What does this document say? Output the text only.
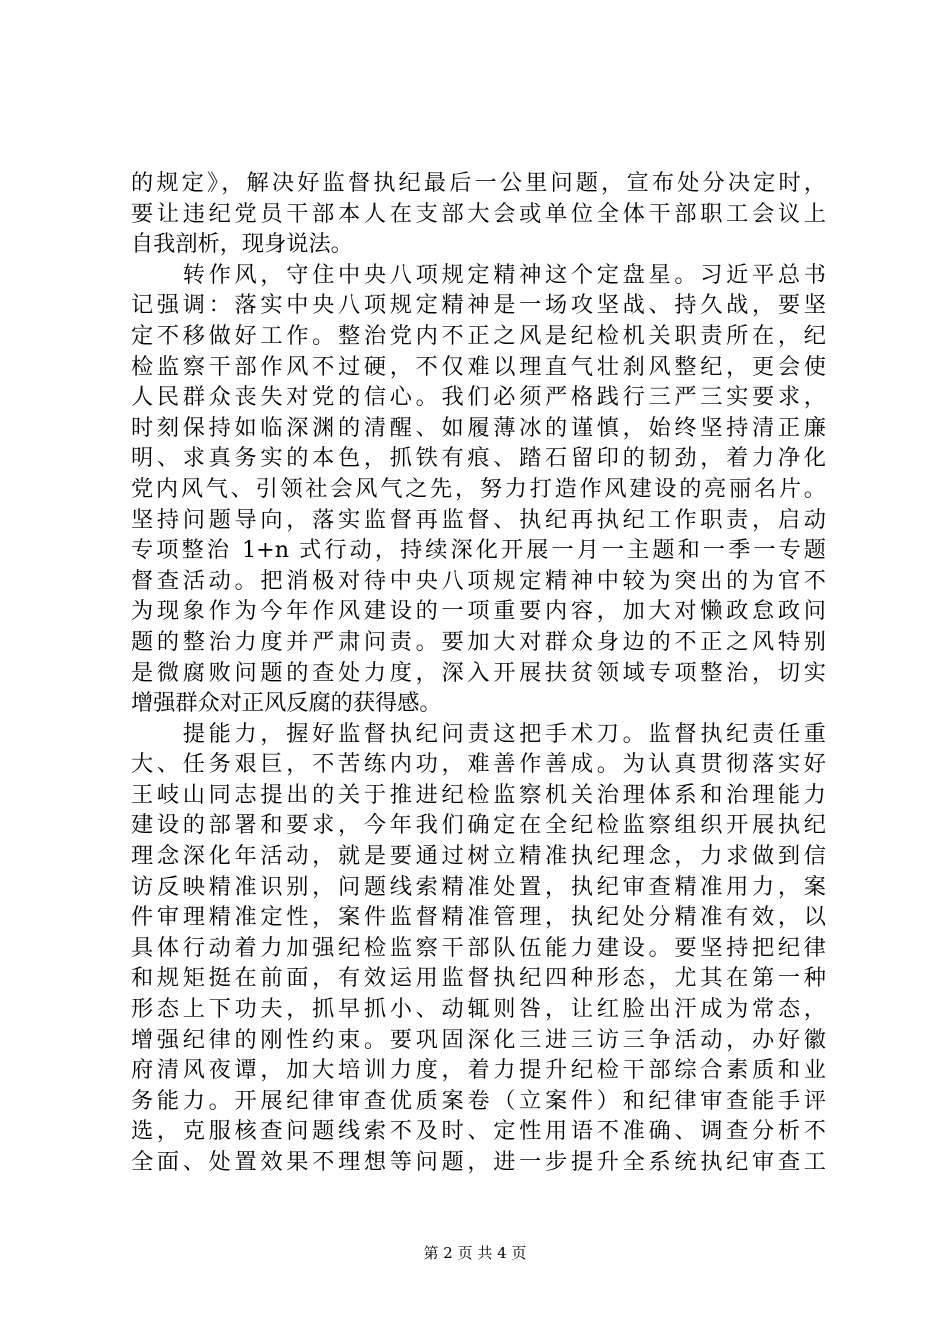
的规定》，解决好监督执纪最后一公里问题，宣布处分决定时，
要让违纪党员干部本人在支部大会或单位全体干部职工会议上
自我剖析，现身说法。
　　转作风，守住中央八项规定精神这个定盘星。习近平总书
记强调：落实中央八项规定精神是一场攻坚战、持久战，要坚
定不移做好工作。整治党内不正之风是纪检机关职责所在，纪
检监察干部作风不过硬，不仅难以理直气壮刹风整纪，更会使
人民群众丧失对党的信心。我们必须严格践行三严三实要求，
时刻保持如临深渊的清醒、如履薄冰的谨慎，始终坚持清正廉
明、求真务实的本色，抓铁有痕、踏石留印的韧劲，着力净化
党内风气、引领社会风气之先，努力打造作风建设的亮丽名片。
坚持问题导向，落实监督再监督、执纪再执纪工作职责，启动
专项整治 1+n 式行动，持续深化开展一月一主题和一季一专题
督查活动。把消极对待中央八项规定精神中较为突出的为官不
为现象作为今年作风建设的一项重要内容，加大对懒政怠政问
题的整治力度并严肃问责。要加大对群众身边的不正之风特别
是微腐败问题的查处力度，深入开展扶贫领域专项整治，切实
增强群众对正风反腐的获得感。
　　提能力，握好监督执纪问责这把手术刀。监督执纪责任重
大、任务艰巨，不苦练内功，难善作善成。为认真贯彻落实好
王岐山同志提出的关于推进纪检监察机关治理体系和治理能力
建设的部署和要求，今年我们确定在全纪检监察组织开展执纪
理念深化年活动，就是要通过树立精准执纪理念，力求做到信
访反映精准识别，问题线索精准处置，执纪审查精准用力，案
件审理精准定性，案件监督精准管理，执纪处分精准有效，以
具体行动着力加强纪检监察干部队伍能力建设。要坚持把纪律
和规矩挺在前面，有效运用监督执纪四种形态，尤其在第一种
形态上下功夫，抓早抓小、动辄则咎，让红脸出汗成为常态，
增强纪律的刚性约束。要巩固深化三进三访三争活动，办好徽
府清风夜谭，加大培训力度，着力提升纪检干部综合素质和业
务能力。开展纪律审查优质案卷（立案件）和纪律审查能手评
选，克服核查问题线索不及时、定性用语不准确、调查分析不
全面、处置效果不理想等问题，进一步提升全系统执纪审查工
第 2 页 共 4 页
